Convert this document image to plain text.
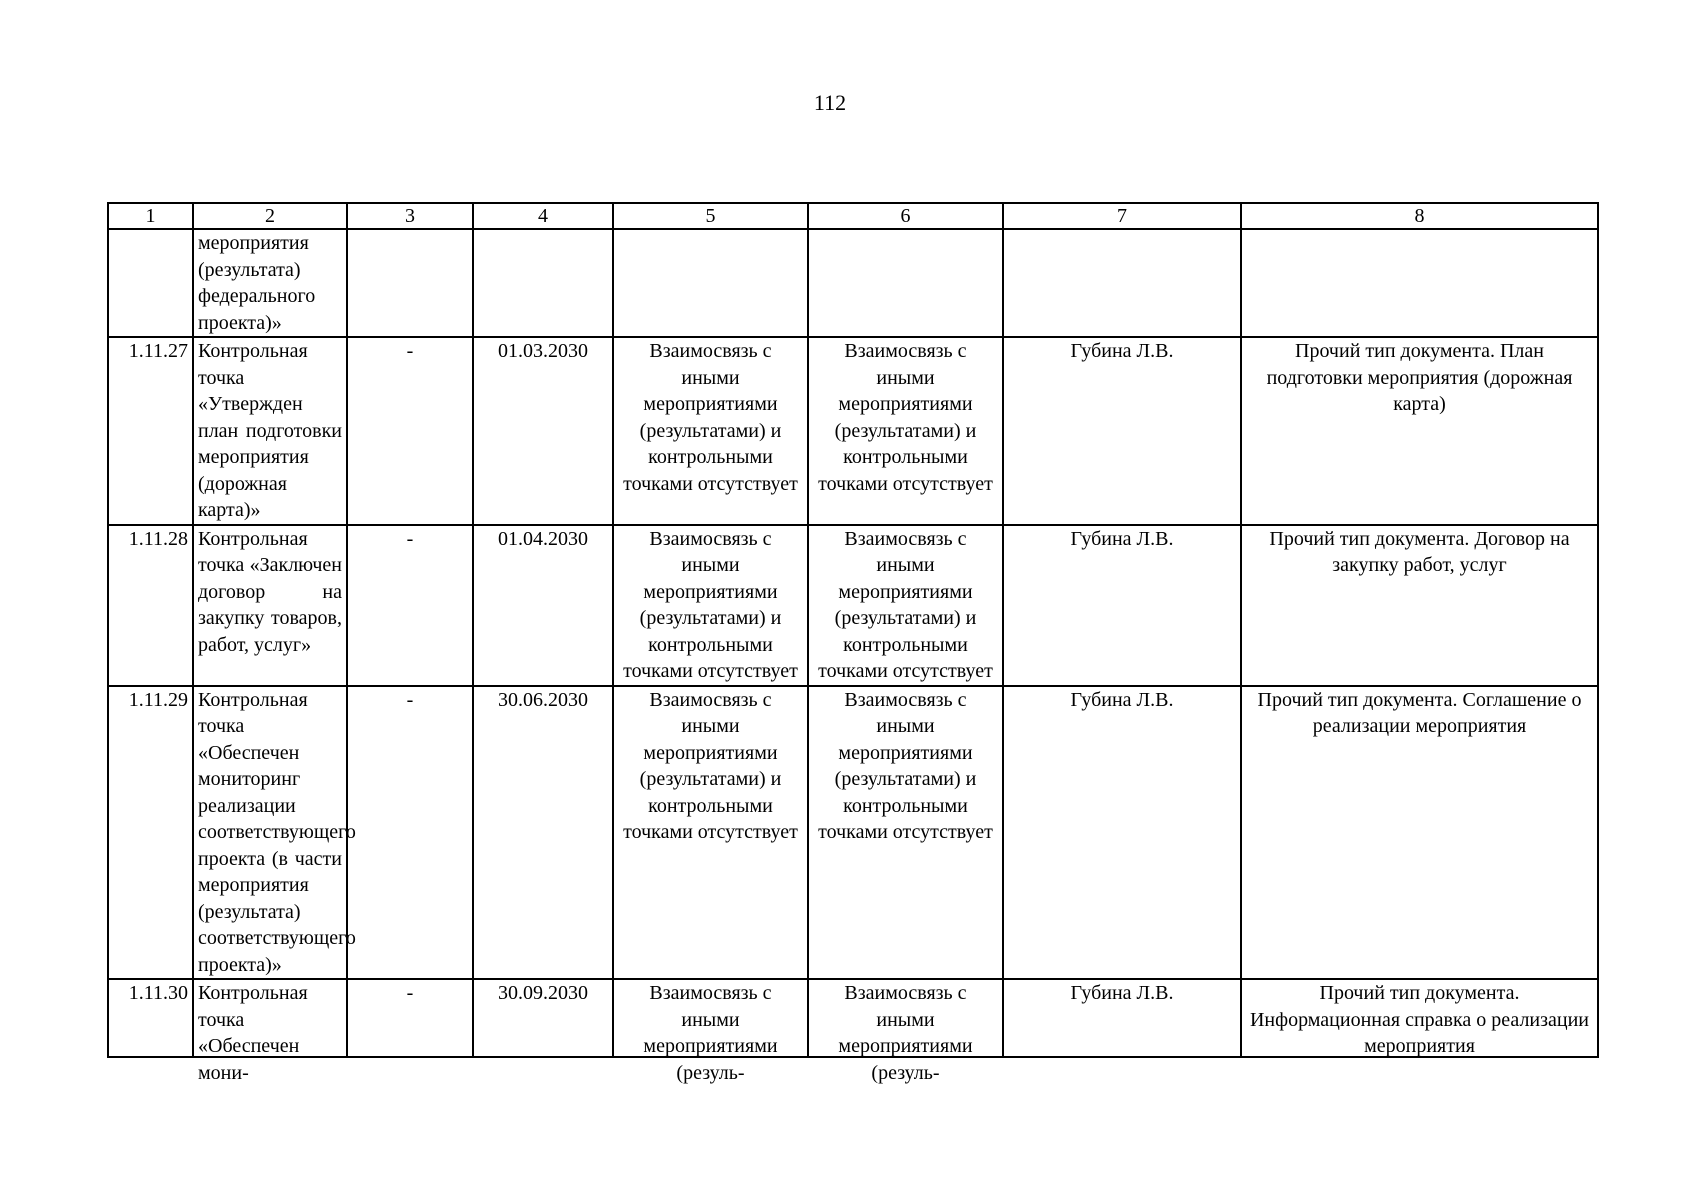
112
1	2	3	4	5	6	7	8
	мероприятия (результата) федерального проекта)»						
1.11.27	Контрольная точка «Утвержден план подготовки мероприятия (дорожная карта)»	-	01.03.2030	Взаимосвязь с иными мероприятиями (результатами) и контрольными точками отсутствует	Взаимосвязь с иными мероприятиями (результатами) и контрольными точками отсутствует	Губина Л.В.	Прочий тип документа. План подготовки мероприятия (дорожная карта)
1.11.28	Контрольная точка «Заключен договор на закупку товаров, работ, услуг»	-	01.04.2030	Взаимосвязь с иными мероприятиями (результатами) и контрольными точками отсутствует	Взаимосвязь с иными мероприятиями (результатами) и контрольными точками отсутствует	Губина Л.В.	Прочий тип документа. Договор на закупку работ, услуг
1.11.29	Контрольная точка «Обеспечен мониторинг реализации соответствующего проекта (в части мероприятия (результата) соответствующего проекта)»	-	30.06.2030	Взаимосвязь с иными мероприятиями (результатами) и контрольными точками отсутствует	Взаимосвязь с иными мероприятиями (результатами) и контрольными точками отсутствует	Губина Л.В.	Прочий тип документа. Соглашение о реализации мероприятия

1.11.30	Контрольная точка «Обеспечен мони-	-	30.09.2030	Взаимосвязь с иными мероприятиями (резуль-	Взаимосвязь с иными мероприятиями (резуль-	Губина Л.В.	Прочий тип документа. Информационная справка о реализации мероприятия
